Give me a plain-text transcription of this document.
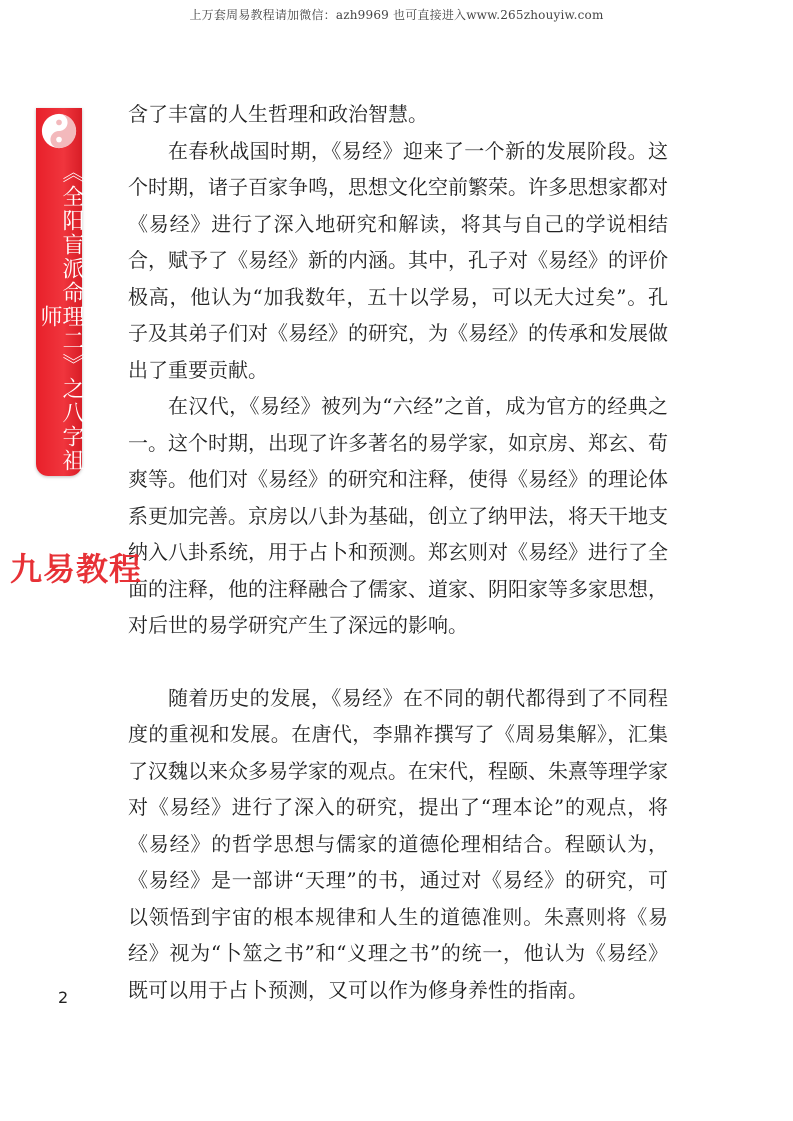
上万套周易教程请加微信：azh9969 也可直接进入www.265zhouyiw.com
《全阳盲派命理二》之八字祖师
九易教程

含了丰富的人生哲理和政治智慧。

在春秋战国时期，《易经》迎来了一个新的发展阶段。这个时期，诸子百家争鸣，思想文化空前繁荣。许多思想家都对《易经》进行了深入地研究和解读，将其与自己的学说相结合，赋予了《易经》新的内涵。其中，孔子对《易经》的评价极高，他认为“加我数年，五十以学易，可以无大过矣”。孔子及其弟子们对《易经》的研究，为《易经》的传承和发展做出了重要贡献。

在汉代，《易经》被列为“六经”之首，成为官方的经典之一。这个时期，出现了许多著名的易学家，如京房、郑玄、荀爽等。他们对《易经》的研究和注释，使得《易经》的理论体系更加完善。京房以八卦为基础，创立了纳甲法，将天干地支纳入八卦系统，用于占卜和预测。郑玄则对《易经》进行了全面的注释，他的注释融合了儒家、道家、阴阳家等多家思想，对后世的易学研究产生了深远的影响。

随着历史的发展，《易经》在不同的朝代都得到了不同程度的重视和发展。在唐代，李鼎祚撰写了《周易集解》，汇集了汉魏以来众多易学家的观点。在宋代，程颐、朱熹等理学家对《易经》进行了深入的研究，提出了“理本论”的观点，将《易经》的哲学思想与儒家的道德伦理相结合。程颐认为，《易经》是一部讲“天理”的书，通过对《易经》的研究，可以领悟到宇宙的根本规律和人生的道德准则。朱熹则将《易经》视为“卜筮之书”和“义理之书”的统一，他认为《易经》既可以用于占卜预测，又可以作为修身养性的指南。

2
